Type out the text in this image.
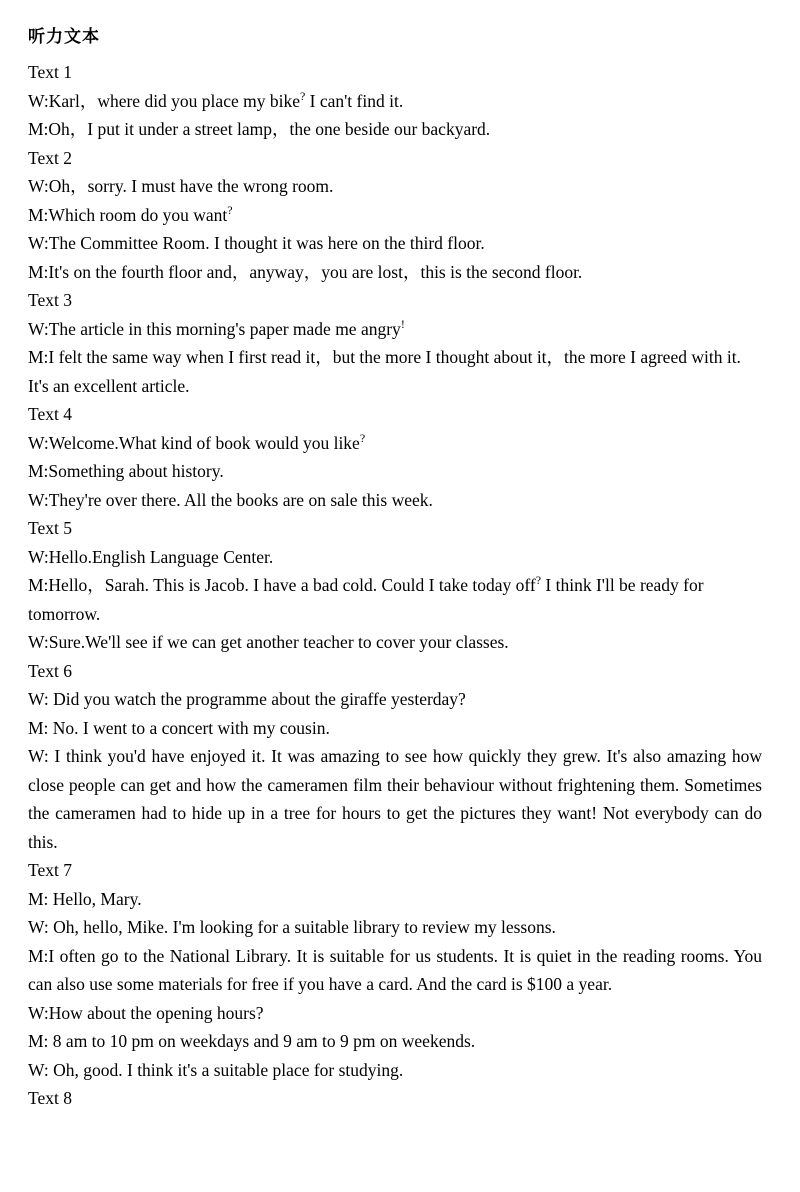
听力文本
Text 1
W:Karl，where did you place my bike? I can't find it.
M:Oh，I put it under a street lamp，the one beside our backyard.
Text 2
W:Oh，sorry. I must have the wrong room.
M:Which room do you want?
W:The Committee Room. I thought it was here on the third floor.
M:It's on the fourth floor and，anyway，you are lost，this is the second floor.
Text 3
W:The article in this morning's paper made me angry!
M:I felt the same way when I first read it，but the more I thought about it，the more I agreed with it. It's an excellent article.
Text 4
W:Welcome.What kind of book would you like?
M:Something about history.
W:They're over there. All the books are on sale this week.
Text 5
W:Hello.English Language Center.
M:Hello，Sarah. This is Jacob. I have a bad cold. Could I take today off? I think I'll be ready for tomorrow.
W:Sure.We'll see if we can get another teacher to cover your classes.
Text 6
W: Did you watch the programme about the giraffe yesterday?
M: No. I went to a concert with my cousin.
W: I think you'd have enjoyed it. It was amazing to see how quickly they grew. It's also amazing how close people can get and how the cameramen film their behaviour without frightening them. Sometimes the cameramen had to hide up in a tree for hours to get the pictures they want! Not everybody can do this.
Text 7
M: Hello, Mary.
W: Oh, hello, Mike. I'm looking for a suitable library to review my lessons.
M:I often go to the National Library. It is suitable for us students. It is quiet in the reading rooms. You can also use some materials for free if you have a card. And the card is $100 a year.
W:How about the opening hours?
M: 8 am to 10 pm on weekdays and 9 am to 9 pm on weekends.
W: Oh, good. I think it's a suitable place for studying.
Text 8
